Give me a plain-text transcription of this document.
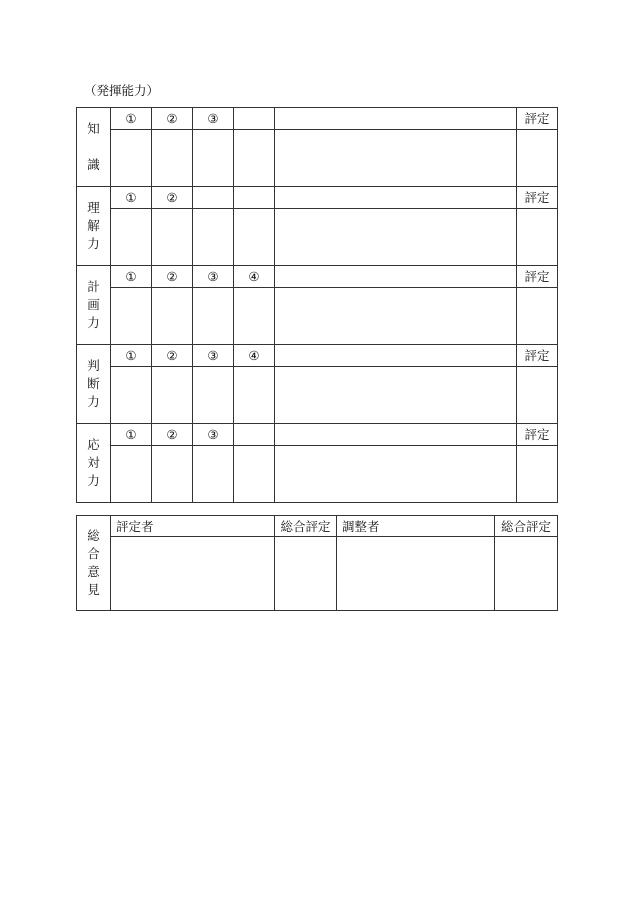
（発揮能力）
知
識	①	②	③			評定

理
解
力	①	②				評定

計
画
力	①	②	③	④		評定

判
断
力	①	②	③	④		評定

応
対
力	①	②	③			評定

総
合
意
見	評定者	総合評定	調整者	総合評定
